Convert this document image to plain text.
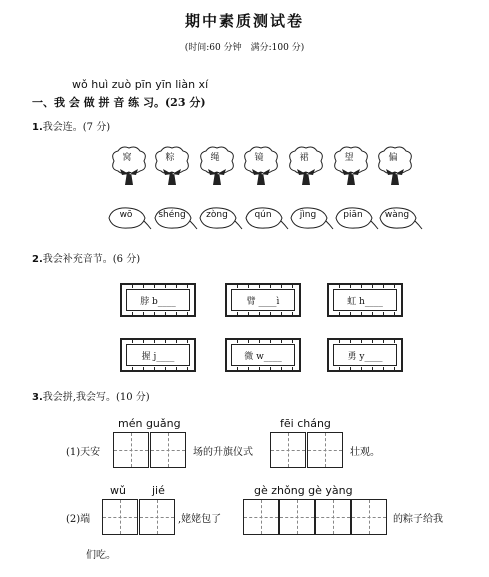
期中素质测试卷
(时间:60 分钟　满分:100 分)
wǒ huì zuò pīn yīn liàn xí
一、我 会 做 拼 音 练 习。(23 分)
1.我会连。(7 分)
窝	粽	绳	镜	裙	望	偏
wō	shéng	zòng	qún	jìng	piān	wàng
2.我会补充音节。(6 分)
脖 b____	臂 ____ì	虹 h____
握 j____	微 w____	勇 y____
3.我会拼,我会写。(10 分)
mén guǎng
(1)天安	场的升旗仪式
fēi cháng
壮观。
wǔ jié
(2)端	,姥姥包了
gè zhǒng gè yàng
的粽子给我
们吃。
